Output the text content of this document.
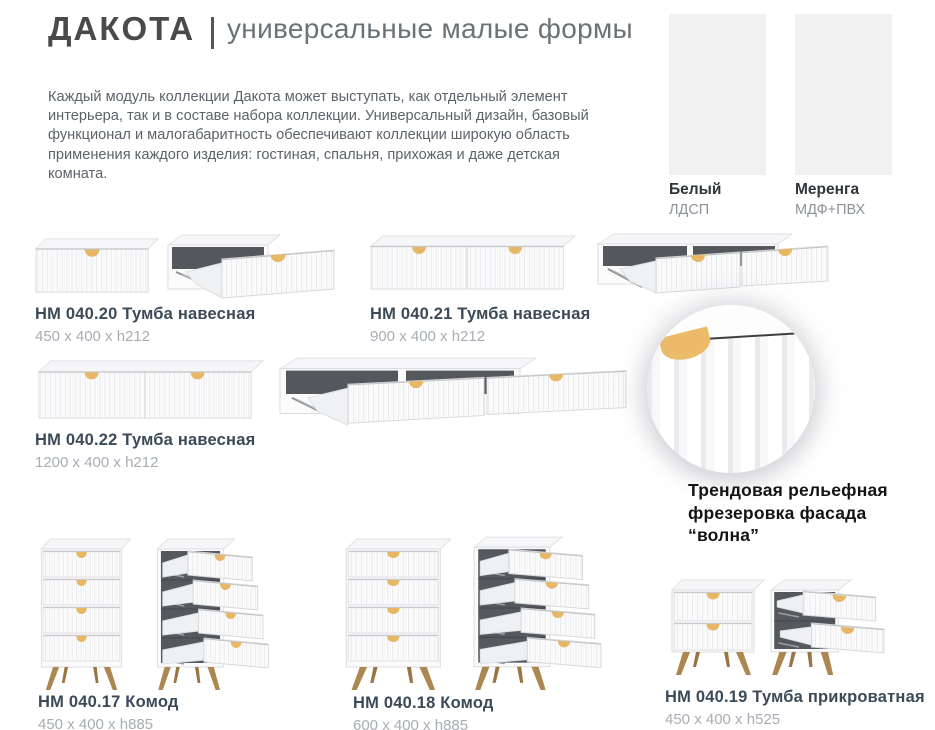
ДАКОТА универсальные малые формы
Каждый модуль коллекции Дакота может выступать, как отдельный элемент интерьера, так и в составе набора коллекции. Универсальный дизайн, базовый функционал и малогабаритность обеспечивают коллекции широкую область применения каждого изделия: гостиная, спальня, прихожая и даже детская комната.
Белый
ЛДСП
Меренга
МДФ+ПВХ
НМ 040.20 Тумба навесная
450 x 400 x h212
НМ 040.21 Тумба навесная
900 x 400 x h212
НМ 040.22 Тумба навесная
1200 x 400 x h212
Трендовая рельефная фрезеровка фасада “волна”
НМ 040.17 Комод
450 x 400 x h885
НМ 040.18 Комод
600 x 400 x h885
НМ 040.19 Тумба прикроватная
450 x 400 x h525
